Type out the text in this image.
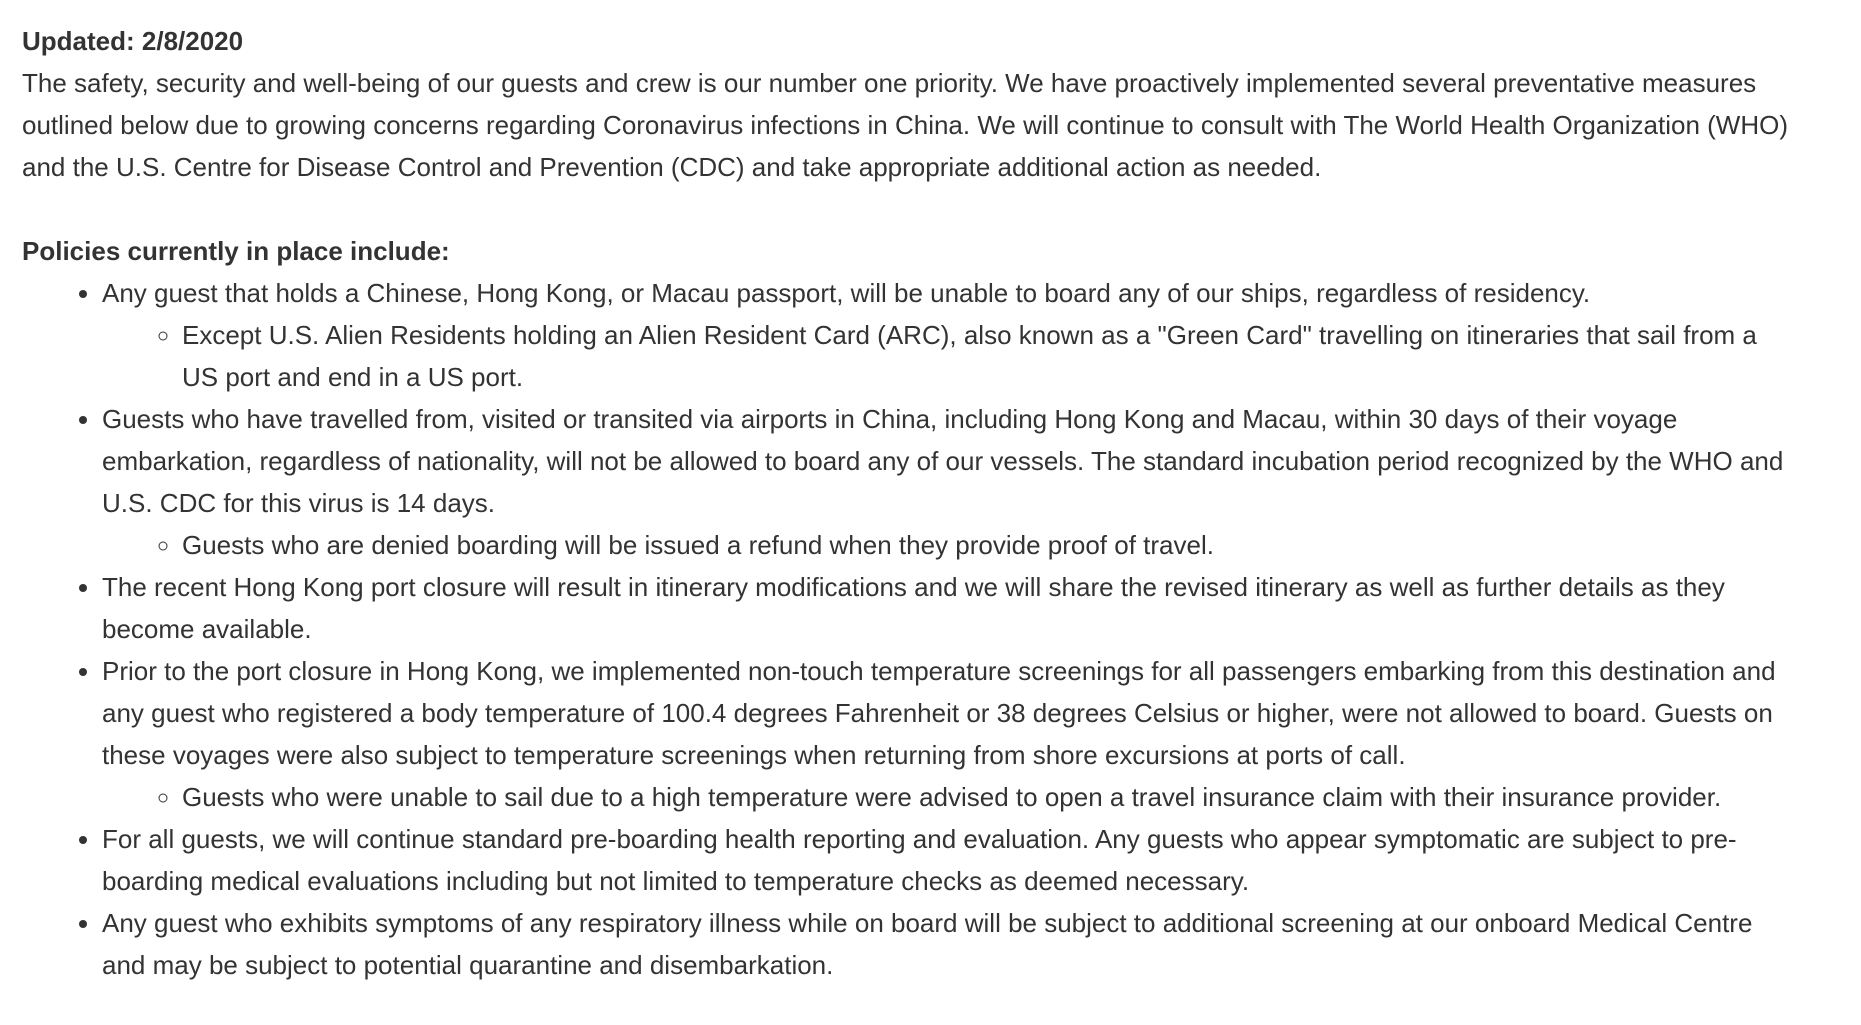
Updated: 2/8/2020

The safety, security and well-being of our guests and crew is our number one priority. We have proactively implemented several preventative measures outlined below due to growing concerns regarding Coronavirus infections in China. We will continue to consult with The World Health Organization (WHO) and the U.S. Centre for Disease Control and Prevention (CDC) and take appropriate additional action as needed.

Policies currently in place include:

• Any guest that holds a Chinese, Hong Kong, or Macau passport, will be unable to board any of our ships, regardless of residency.
◦ Except U.S. Alien Residents holding an Alien Resident Card (ARC), also known as a "Green Card" travelling on itineraries that sail from a US port and end in a US port.
• Guests who have travelled from, visited or transited via airports in China, including Hong Kong and Macau, within 30 days of their voyage embarkation, regardless of nationality, will not be allowed to board any of our vessels. The standard incubation period recognized by the WHO and U.S. CDC for this virus is 14 days.
◦ Guests who are denied boarding will be issued a refund when they provide proof of travel.
• The recent Hong Kong port closure will result in itinerary modifications and we will share the revised itinerary as well as further details as they become available.
• Prior to the port closure in Hong Kong, we implemented non-touch temperature screenings for all passengers embarking from this destination and any guest who registered a body temperature of 100.4 degrees Fahrenheit or 38 degrees Celsius or higher, were not allowed to board. Guests on these voyages were also subject to temperature screenings when returning from shore excursions at ports of call.
◦ Guests who were unable to sail due to a high temperature were advised to open a travel insurance claim with their insurance provider.
• For all guests, we will continue standard pre-boarding health reporting and evaluation. Any guests who appear symptomatic are subject to pre-boarding medical evaluations including but not limited to temperature checks as deemed necessary.
• Any guest who exhibits symptoms of any respiratory illness while on board will be subject to additional screening at our onboard Medical Centre and may be subject to potential quarantine and disembarkation.
